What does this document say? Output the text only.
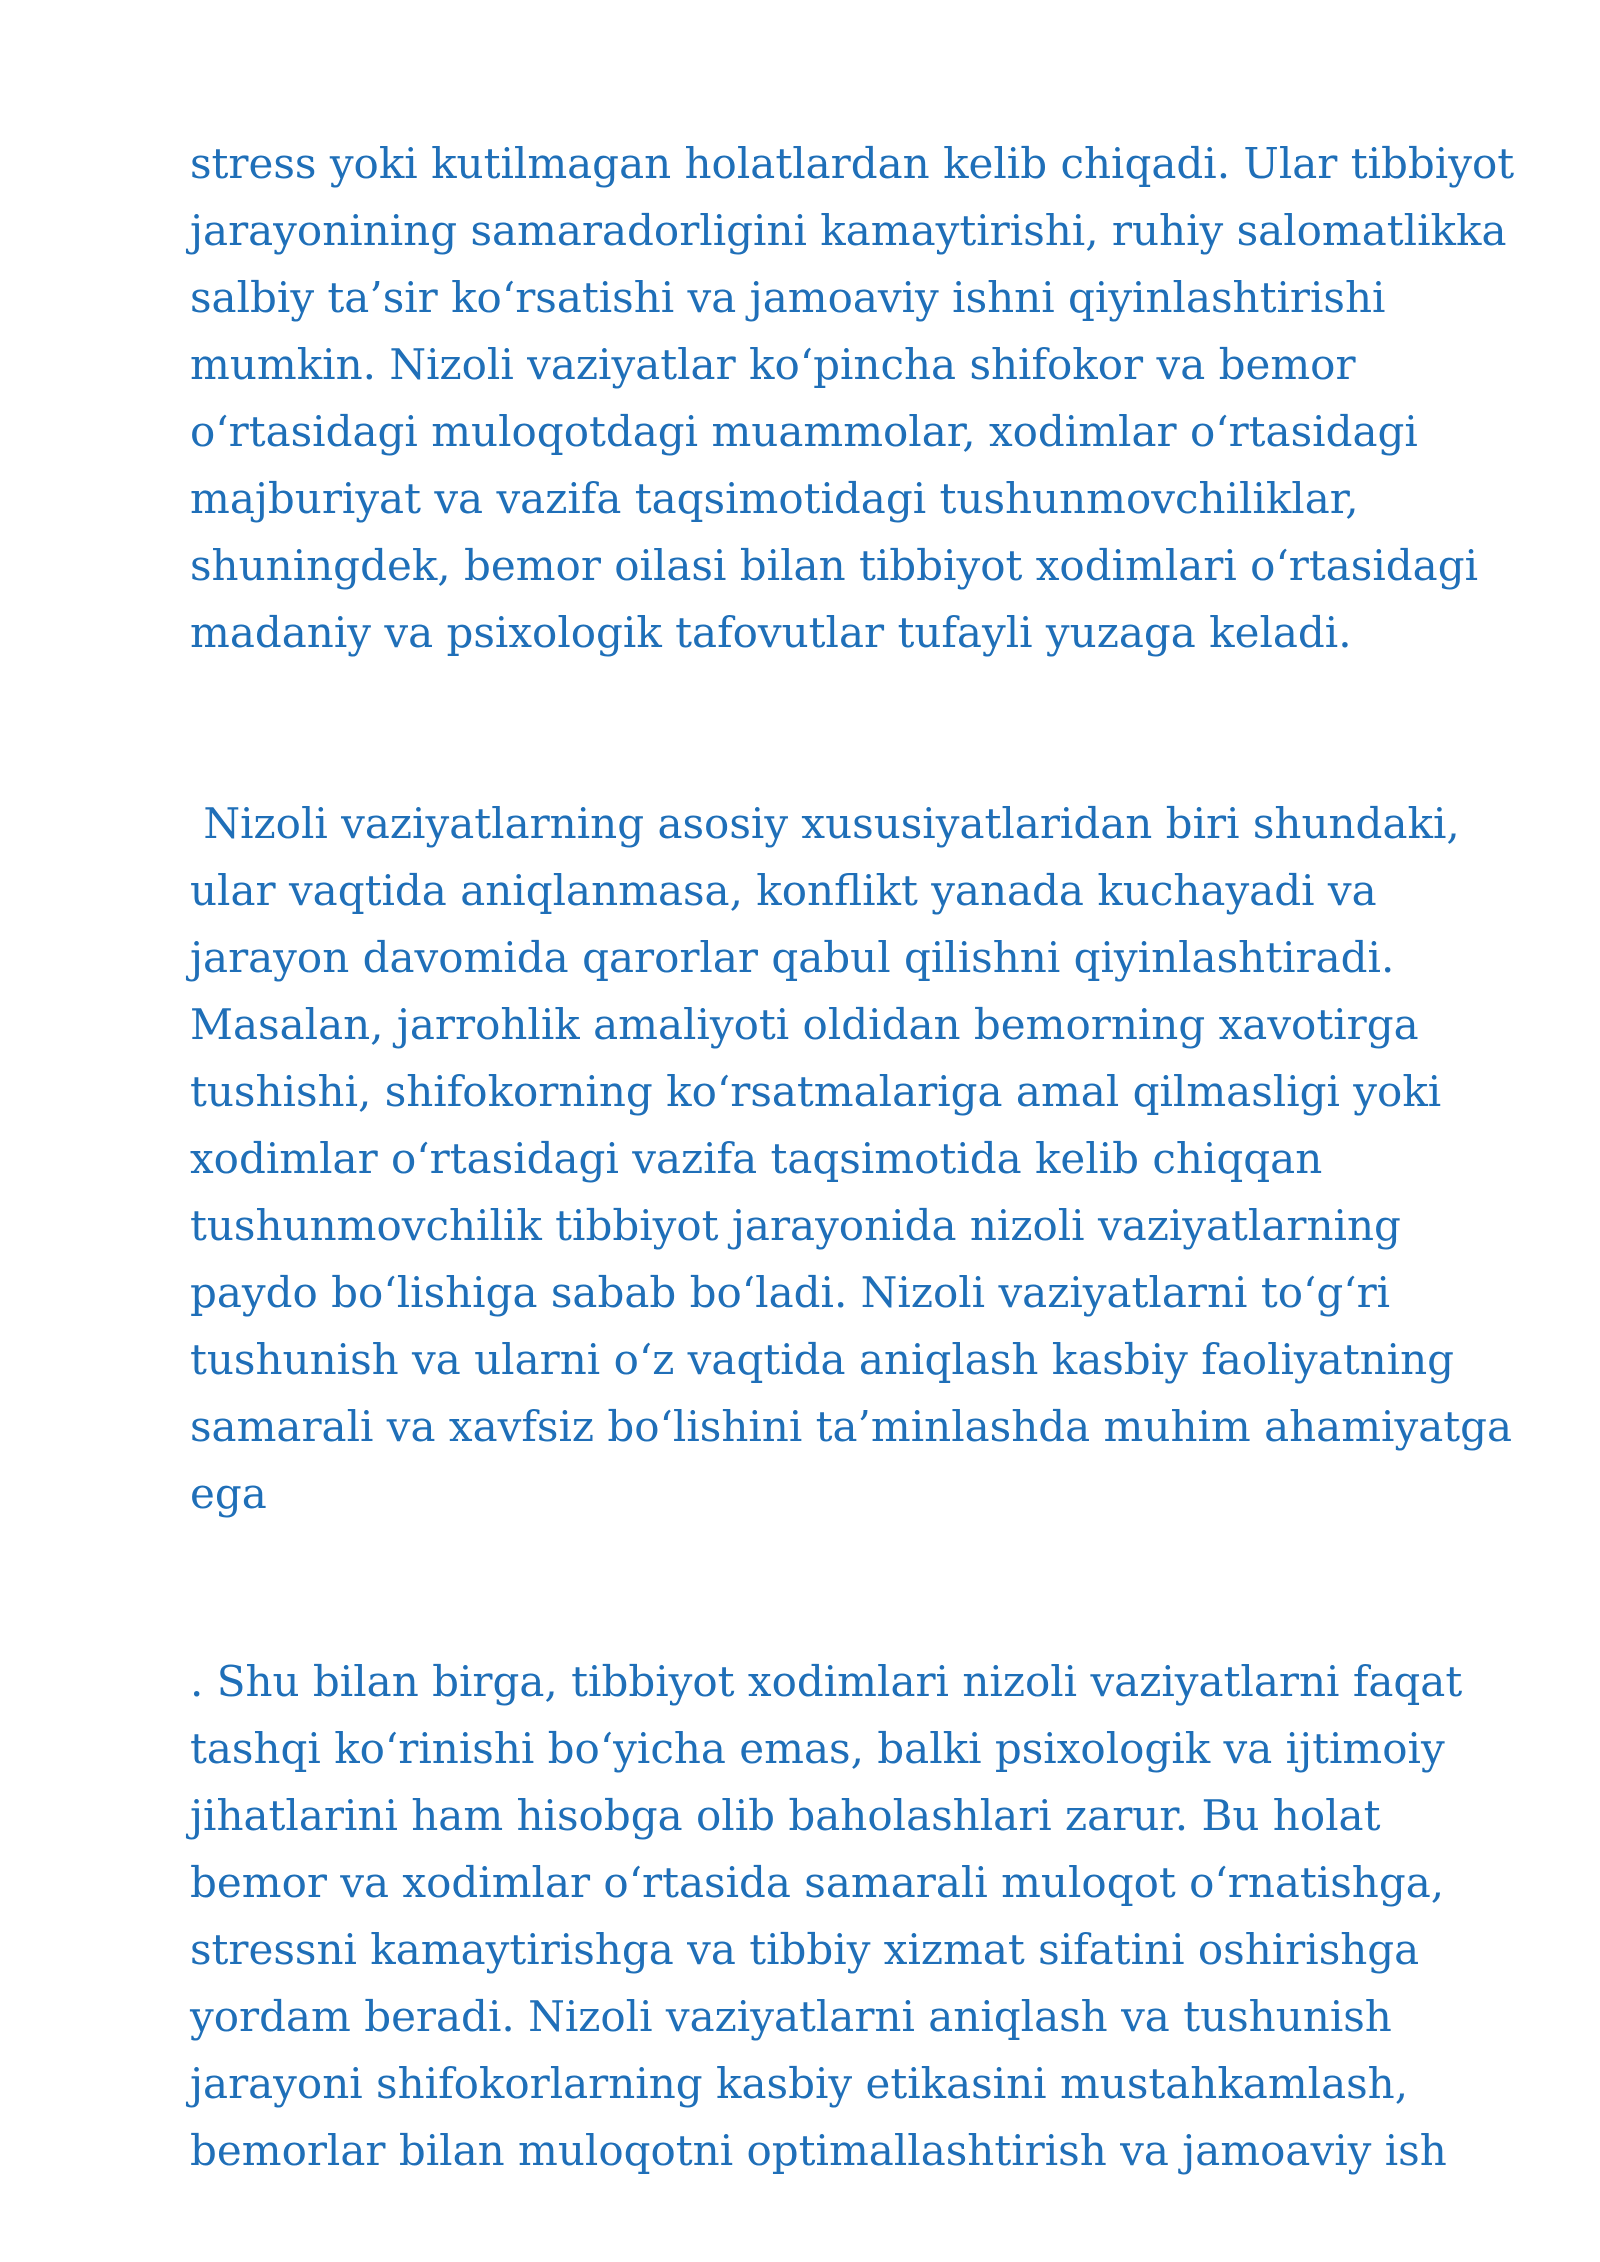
stress yoki kutilmagan holatlardan kelib chiqadi. Ular tibbiyot
jarayonining samaradorligini kamaytirishi, ruhiy salomatlikka
salbiy ta’sir ko‘rsatishi va jamoaviy ishni qiyinlashtirishi
mumkin. Nizoli vaziyatlar ko‘pincha shifokor va bemor
o‘rtasidagi muloqotdagi muammolar, xodimlar o‘rtasidagi
majburiyat va vazifa taqsimotidagi tushunmovchiliklar,
shuningdek, bemor oilasi bilan tibbiyot xodimlari o‘rtasidagi
madaniy va psixologik tafovutlar tufayli yuzaga keladi.
Nizoli vaziyatlarning asosiy xususiyatlaridan biri shundaki,
ular vaqtida aniqlanmasa, konflikt yanada kuchayadi va
jarayon davomida qarorlar qabul qilishni qiyinlashtiradi.
Masalan, jarrohlik amaliyoti oldidan bemorning xavotirga
tushishi, shifokorning ko‘rsatmalariga amal qilmasligi yoki
xodimlar o‘rtasidagi vazifa taqsimotida kelib chiqqan
tushunmovchilik tibbiyot jarayonida nizoli vaziyatlarning
paydo bo‘lishiga sabab bo‘ladi. Nizoli vaziyatlarni to‘g‘ri
tushunish va ularni o‘z vaqtida aniqlash kasbiy faoliyatning
samarali va xavfsiz bo‘lishini ta’minlashda muhim ahamiyatga
ega
. Shu bilan birga, tibbiyot xodimlari nizoli vaziyatlarni faqat
tashqi ko‘rinishi bo‘yicha emas, balki psixologik va ijtimoiy
jihatlarini ham hisobga olib baholashlari zarur. Bu holat
bemor va xodimlar o‘rtasida samarali muloqot o‘rnatishga,
stressni kamaytirishga va tibbiy xizmat sifatini oshirishga
yordam beradi. Nizoli vaziyatlarni aniqlash va tushunish
jarayoni shifokorlarning kasbiy etikasini mustahkamlash,
bemorlar bilan muloqotni optimallashtirish va jamoaviy ish
